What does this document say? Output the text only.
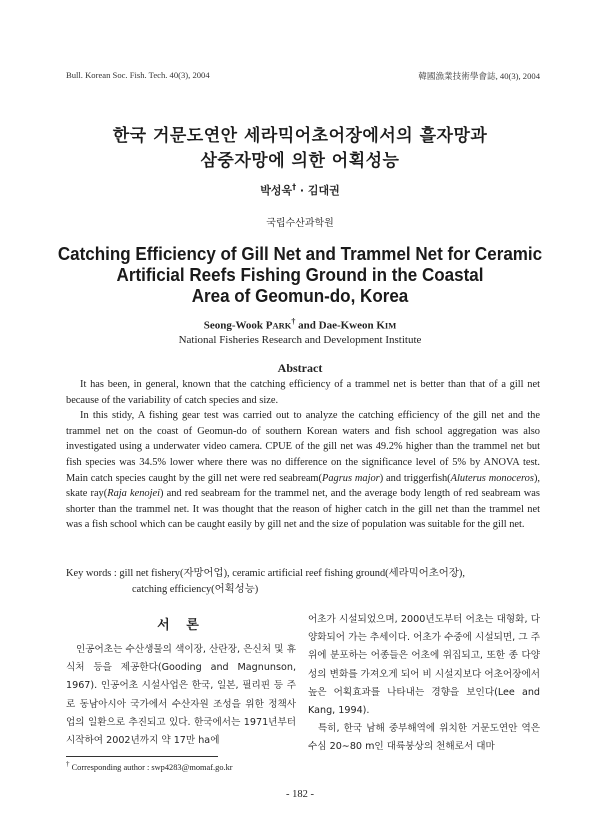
Bull. Korean Soc. Fish. Tech. 40(3), 2004	韓國漁業技術學會誌, 40(3), 2004
한국 거문도연안 세라믹어초어장에서의 흘자망과
삼중자망에 의한 어획성능
박성욱† · 김대권
국립수산과학원
Catching Efficiency of Gill Net and Trammel Net for Ceramic
Artificial Reefs Fishing Ground in the Coastal
Area of Geomun-do, Korea
Seong-Wook PARK† and Dae-Kweon KIM
National Fisheries Research and Development Institute
Abstract

It has been, in general, known that the catching efficiency of a trammel net is better than that of a gill net because of the variability of catch species and size.

In this stidy, A fishing gear test was carried out to analyze the catching efficiency of the gill net and the trammel net on the coast of Geomun-do of southern Korean waters and fish school aggregation was also investigated using a underwater video camera. CPUE of the gill net was 49.2% higher than the trammel net but fish species was 34.5% lower where there was no difference on the significance level of 5% by ANOVA test. Main catch species caught by the gill net were red seabream(Pagrus major) and triggerfish(Aluterus monoceros), skate ray(Raja kenojei) and red seabream for the trammel net, and the average body length of red seabream was shorter than the trammel net. It was thought that the reason of higher catch in the gill net than the trammel net was a fish school which can be caught easily by gill net and the size of population was suitable for the gill net.

Key words : gill net fishery(자망어업), ceramic artificial reef fishing ground(세라믹어초어장),
catching efficiency(어획성능)
서 론

인공어초는 수산생물의 색이장, 산란장, 은신처 및 휴식처 등을 제공한다(Gooding and Magnunson, 1967). 인공어초 시설사업은 한국, 일본, 필리핀 등 주로 동남아시아 국가에서 수산자원 조성을 위한 정책사업의 일환으로 추진되고 있다. 한국에서는 1971년부터 시작하여 2002년까지 약 17만 ha에

어초가 시설되었으며, 2000년도부터 어초는 대형화, 다양화되어 가는 추세이다. 어초가 수중에 시설되면, 그 주위에 분포하는 어종들은 어초에 위집되고, 또한 종 다양성의 변화를 가져오게 되어 비 시설지보다 어초어장에서 높은 어획효과를 나타내는 경향을 보인다(Lee and Kang, 1994).

특히, 한국 남해 중부해역에 위치한 거문도연안 역은 수심 20∼80 m인 대륙붕상의 천해로서 대마

† Corresponding author : swp4283@momaf.go.kr
- 182 -
